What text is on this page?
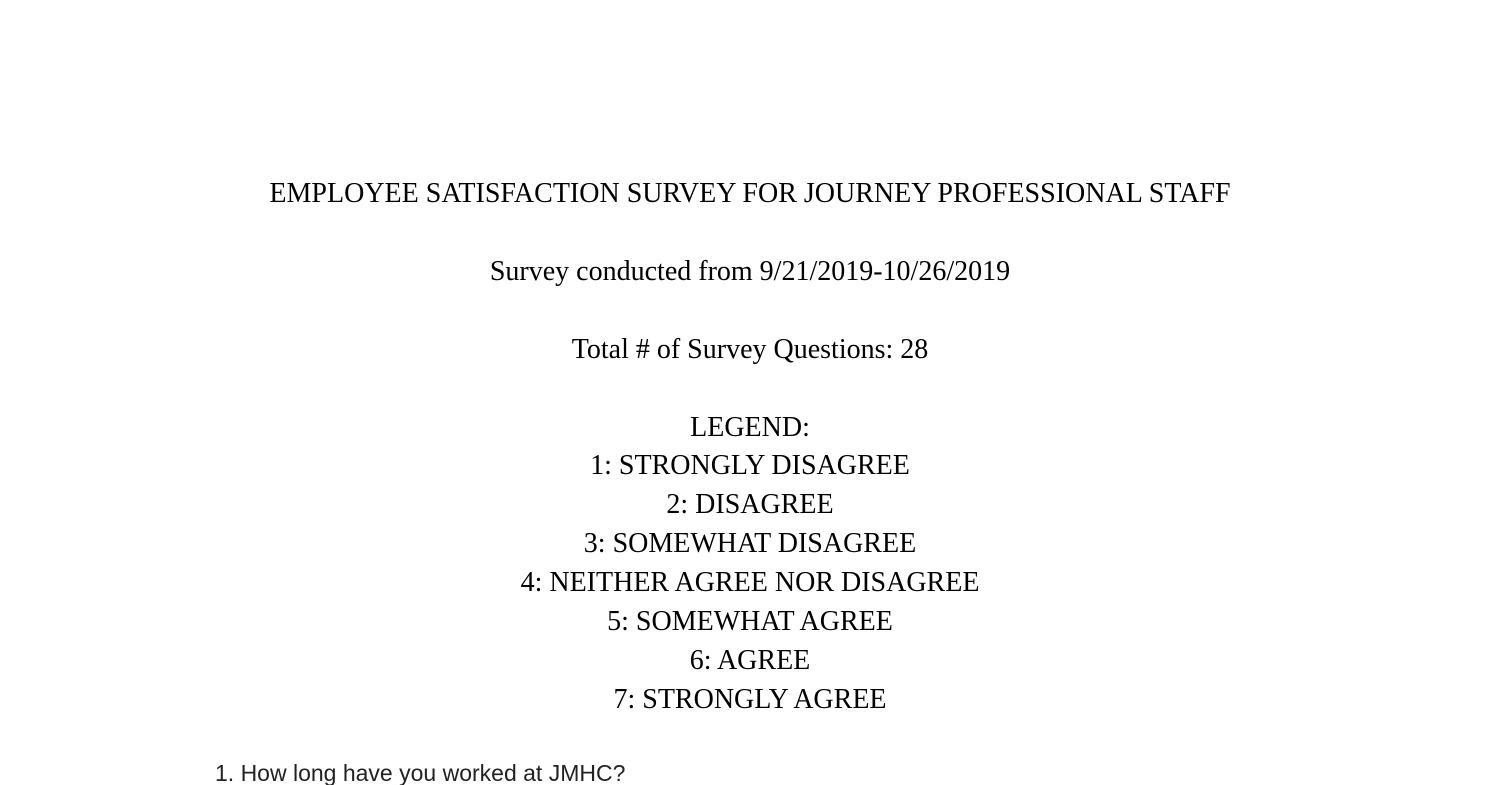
EMPLOYEE SATISFACTION SURVEY FOR JOURNEY PROFESSIONAL STAFF
Survey conducted from 9/21/2019-10/26/2019
Total # of Survey Questions: 28
LEGEND:
1: STRONGLY DISAGREE
2: DISAGREE
3: SOMEWHAT DISAGREE
4: NEITHER AGREE NOR DISAGREE
5: SOMEWHAT AGREE
6: AGREE
7: STRONGLY AGREE
1. How long have you worked at JMHC?
